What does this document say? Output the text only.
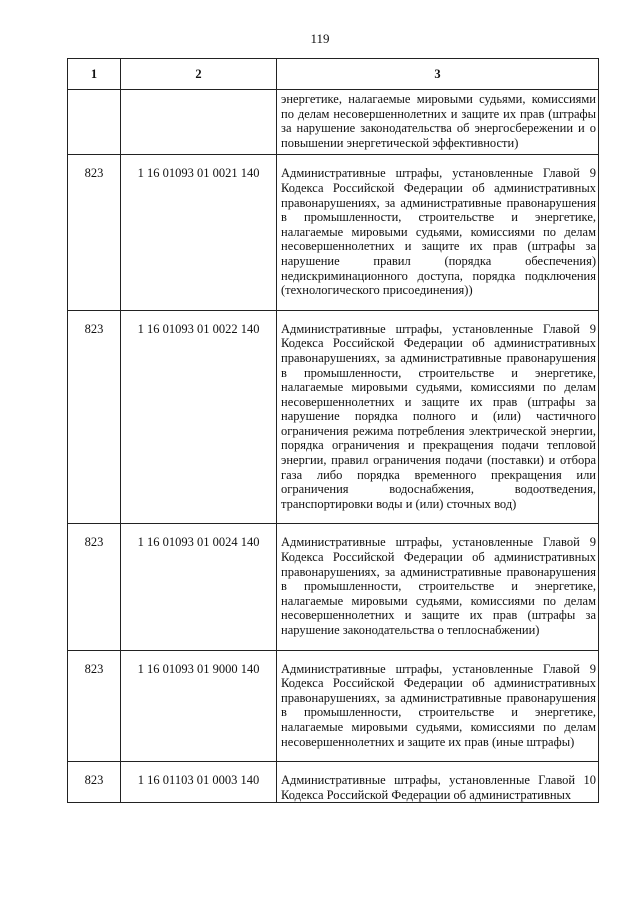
119
1	2	3
		энергетике, налагаемые мировыми судьями, комиссиями по делам несовершеннолетних и защите их прав (штрафы за нарушение законодательства об энергосбережении и о повышении энергетической эффективности)
823	1 16 01093 01 0021 140	Административные штрафы, установленные Главой 9 Кодекса Российской Федерации об административных правонарушениях, за административные правонарушения в промышленности, строительстве и энергетике, налагаемые мировыми судьями, комиссиями по делам несовершеннолетних и защите их прав (штрафы за нарушение правил (порядка обеспечения) недискриминационного доступа, порядка подключения (технологического присоединения))
823	1 16 01093 01 0022 140	Административные штрафы, установленные Главой 9 Кодекса Российской Федерации об административных правонарушениях, за административные правонарушения в промышленности, строительстве и энергетике, налагаемые мировыми судьями, комиссиями по делам несовершеннолетних и защите их прав (штрафы за нарушение порядка полного и (или) частичного ограничения режима потребления электрической энергии, порядка ограничения и прекращения подачи тепловой энергии, правил ограничения подачи (поставки) и отбора газа либо порядка временного прекращения или ограничения водоснабжения, водоотведения, транспортировки воды и (или) сточных вод)
823	1 16 01093 01 0024 140	Административные штрафы, установленные Главой 9 Кодекса Российской Федерации об административных правонарушениях, за административные правонарушения в промышленности, строительстве и энергетике, налагаемые мировыми судьями, комиссиями по делам несовершеннолетних и защите их прав (штрафы за нарушение законодательства о теплоснабжении)
823	1 16 01093 01 9000 140	Административные штрафы, установленные Главой 9 Кодекса Российской Федерации об административных правонарушениях, за административные правонарушения в промышленности, строительстве и энергетике, налагаемые мировыми судьями, комиссиями по делам несовершеннолетних и защите их прав (иные штрафы)
823	1 16 01103 01 0003 140	Административные штрафы, установленные Главой 10 Кодекса Российской Федерации об административных
